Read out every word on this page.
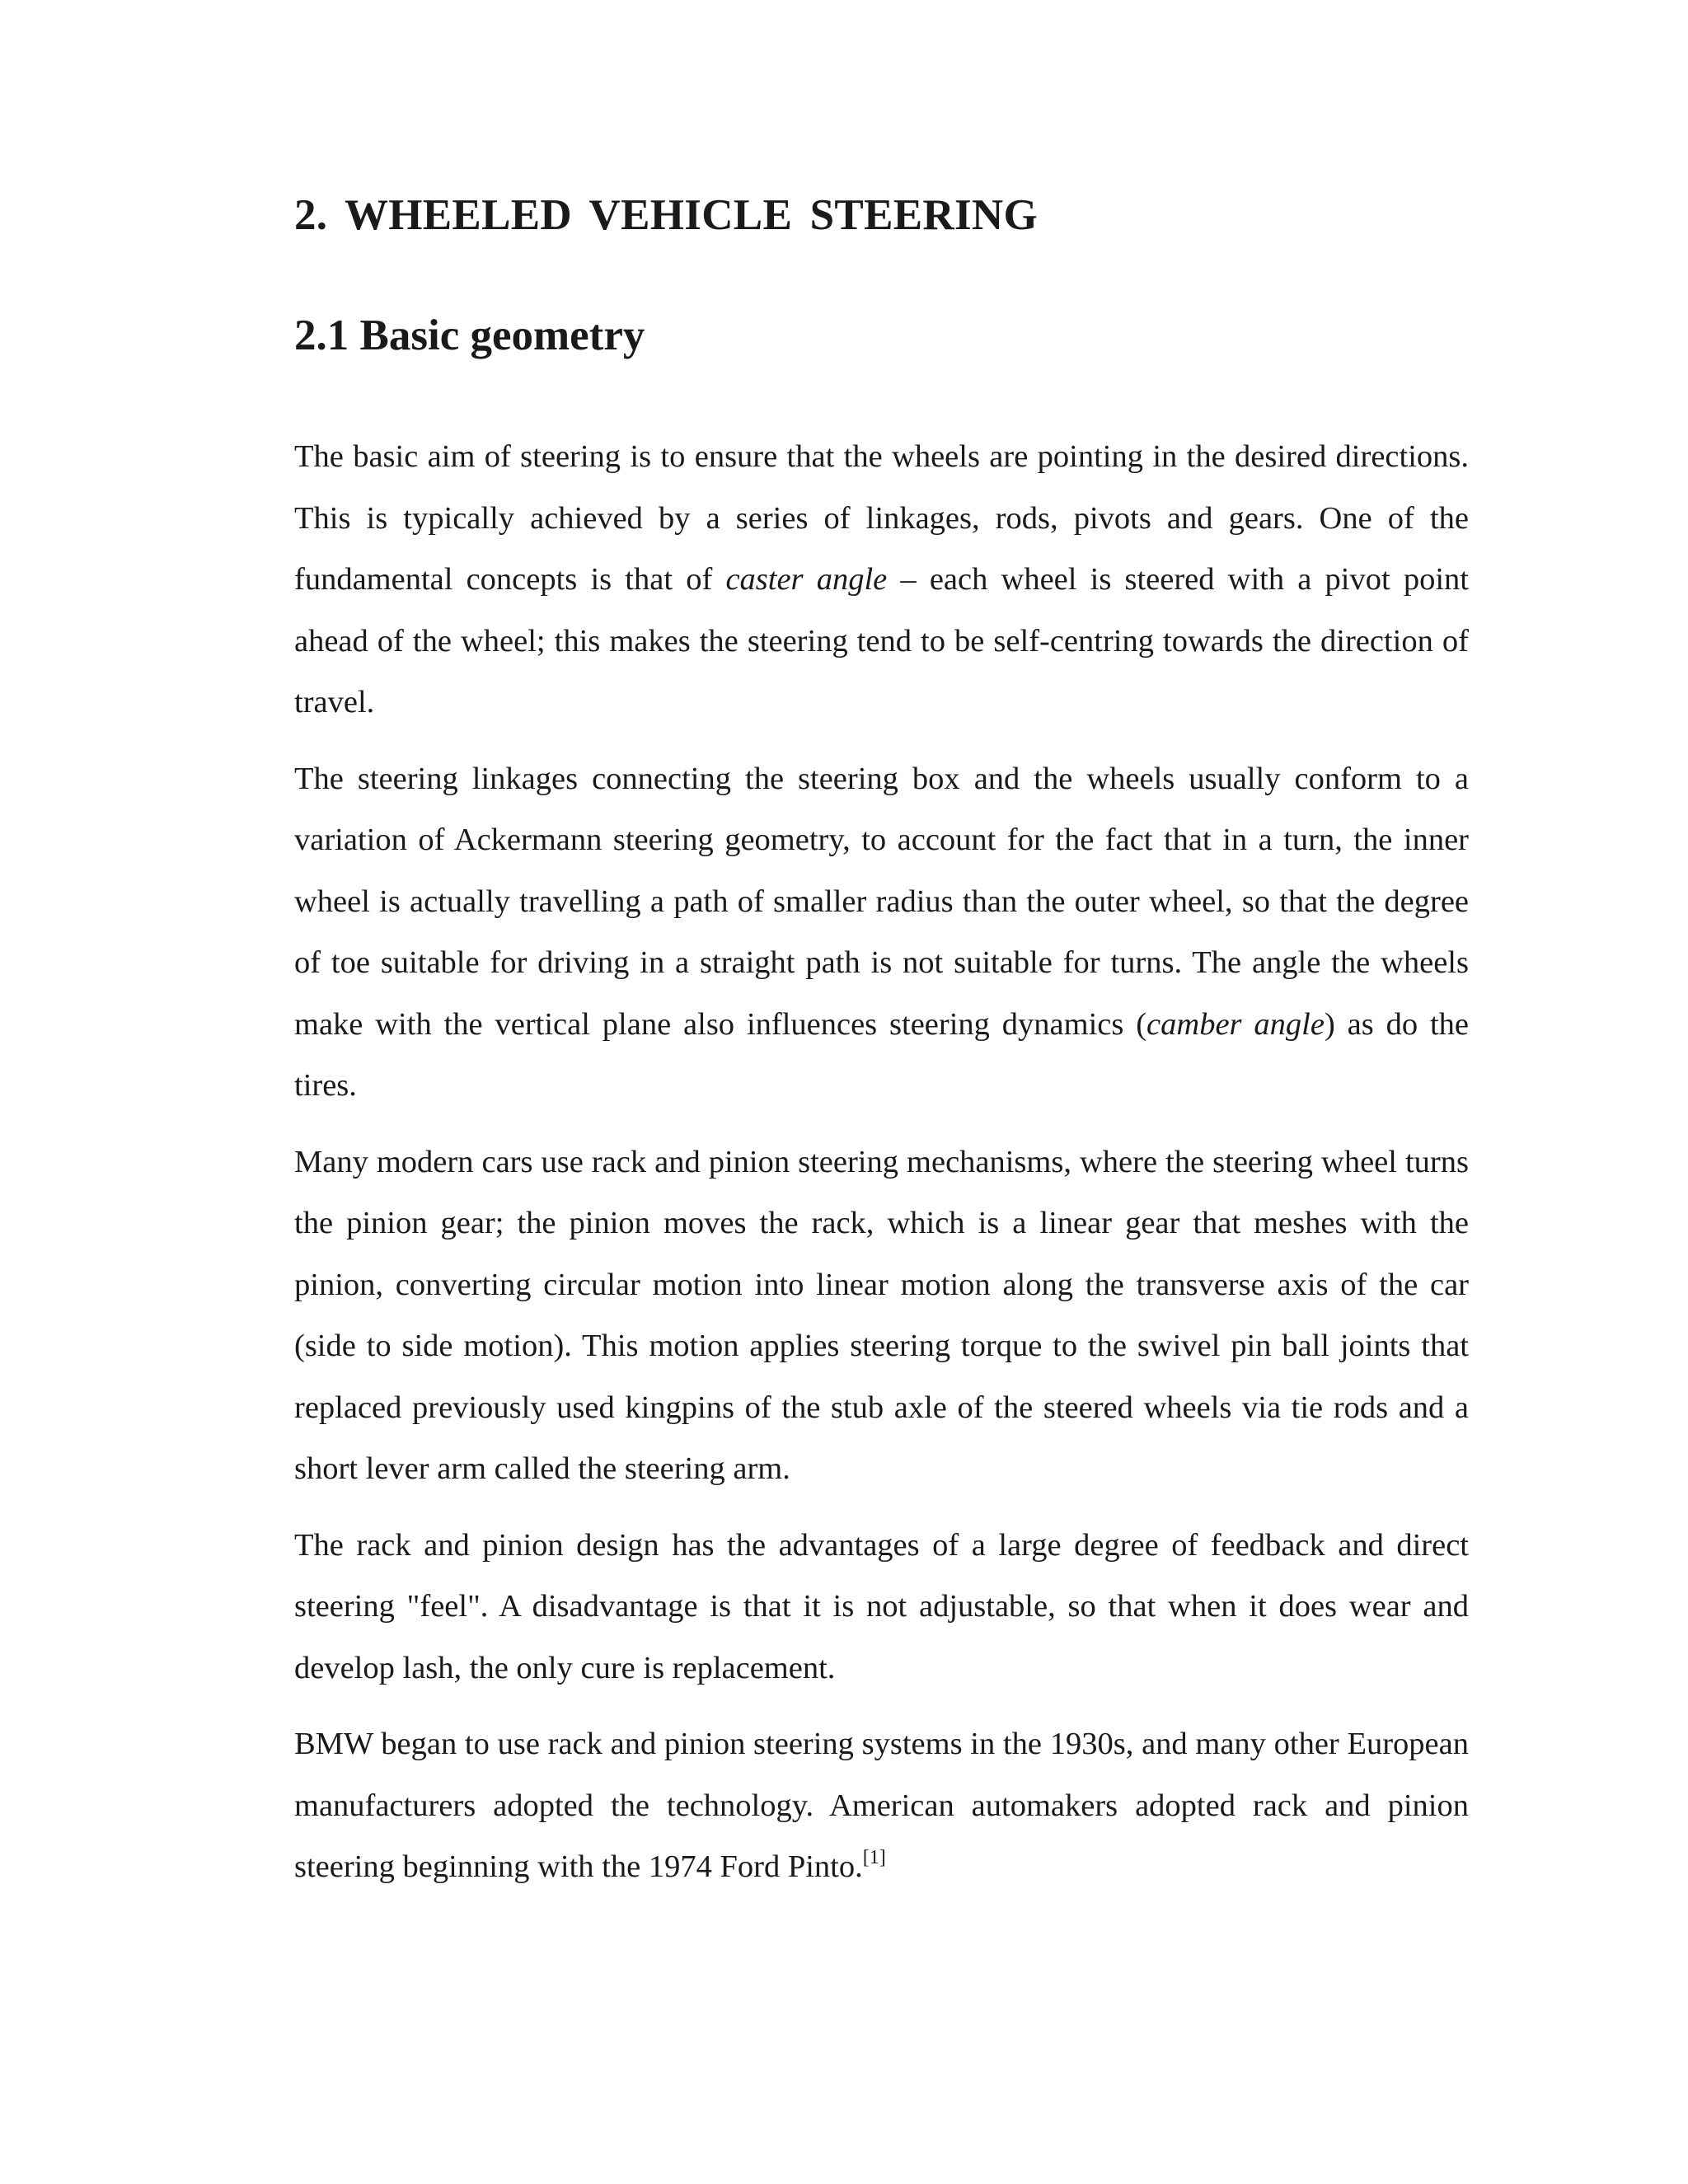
2. WHEELED VEHICLE STEERING
2.1 Basic geometry

The basic aim of steering is to ensure that the wheels are pointing in the desired directions. This is typically achieved by a series of linkages, rods, pivots and gears. One of the fundamental concepts is that of caster angle – each wheel is steered with a pivot point ahead of the wheel; this makes the steering tend to be self-centring towards the direction of travel.

The steering linkages connecting the steering box and the wheels usually conform to a variation of Ackermann steering geometry, to account for the fact that in a turn, the inner wheel is actually travelling a path of smaller radius than the outer wheel, so that the degree of toe suitable for driving in a straight path is not suitable for turns. The angle the wheels make with the vertical plane also influences steering dynamics (camber angle) as do the tires.

Many modern cars use rack and pinion steering mechanisms, where the steering wheel turns the pinion gear; the pinion moves the rack, which is a linear gear that meshes with the pinion, converting circular motion into linear motion along the transverse axis of the car (side to side motion). This motion applies steering torque to the swivel pin ball joints that replaced previously used kingpins of the stub axle of the steered wheels via tie rods and a short lever arm called the steering arm.

The rack and pinion design has the advantages of a large degree of feedback and direct steering "feel". A disadvantage is that it is not adjustable, so that when it does wear and develop lash, the only cure is replacement.

BMW began to use rack and pinion steering systems in the 1930s, and many other European manufacturers adopted the technology. American automakers adopted rack and pinion steering beginning with the 1974 Ford Pinto.[1]
